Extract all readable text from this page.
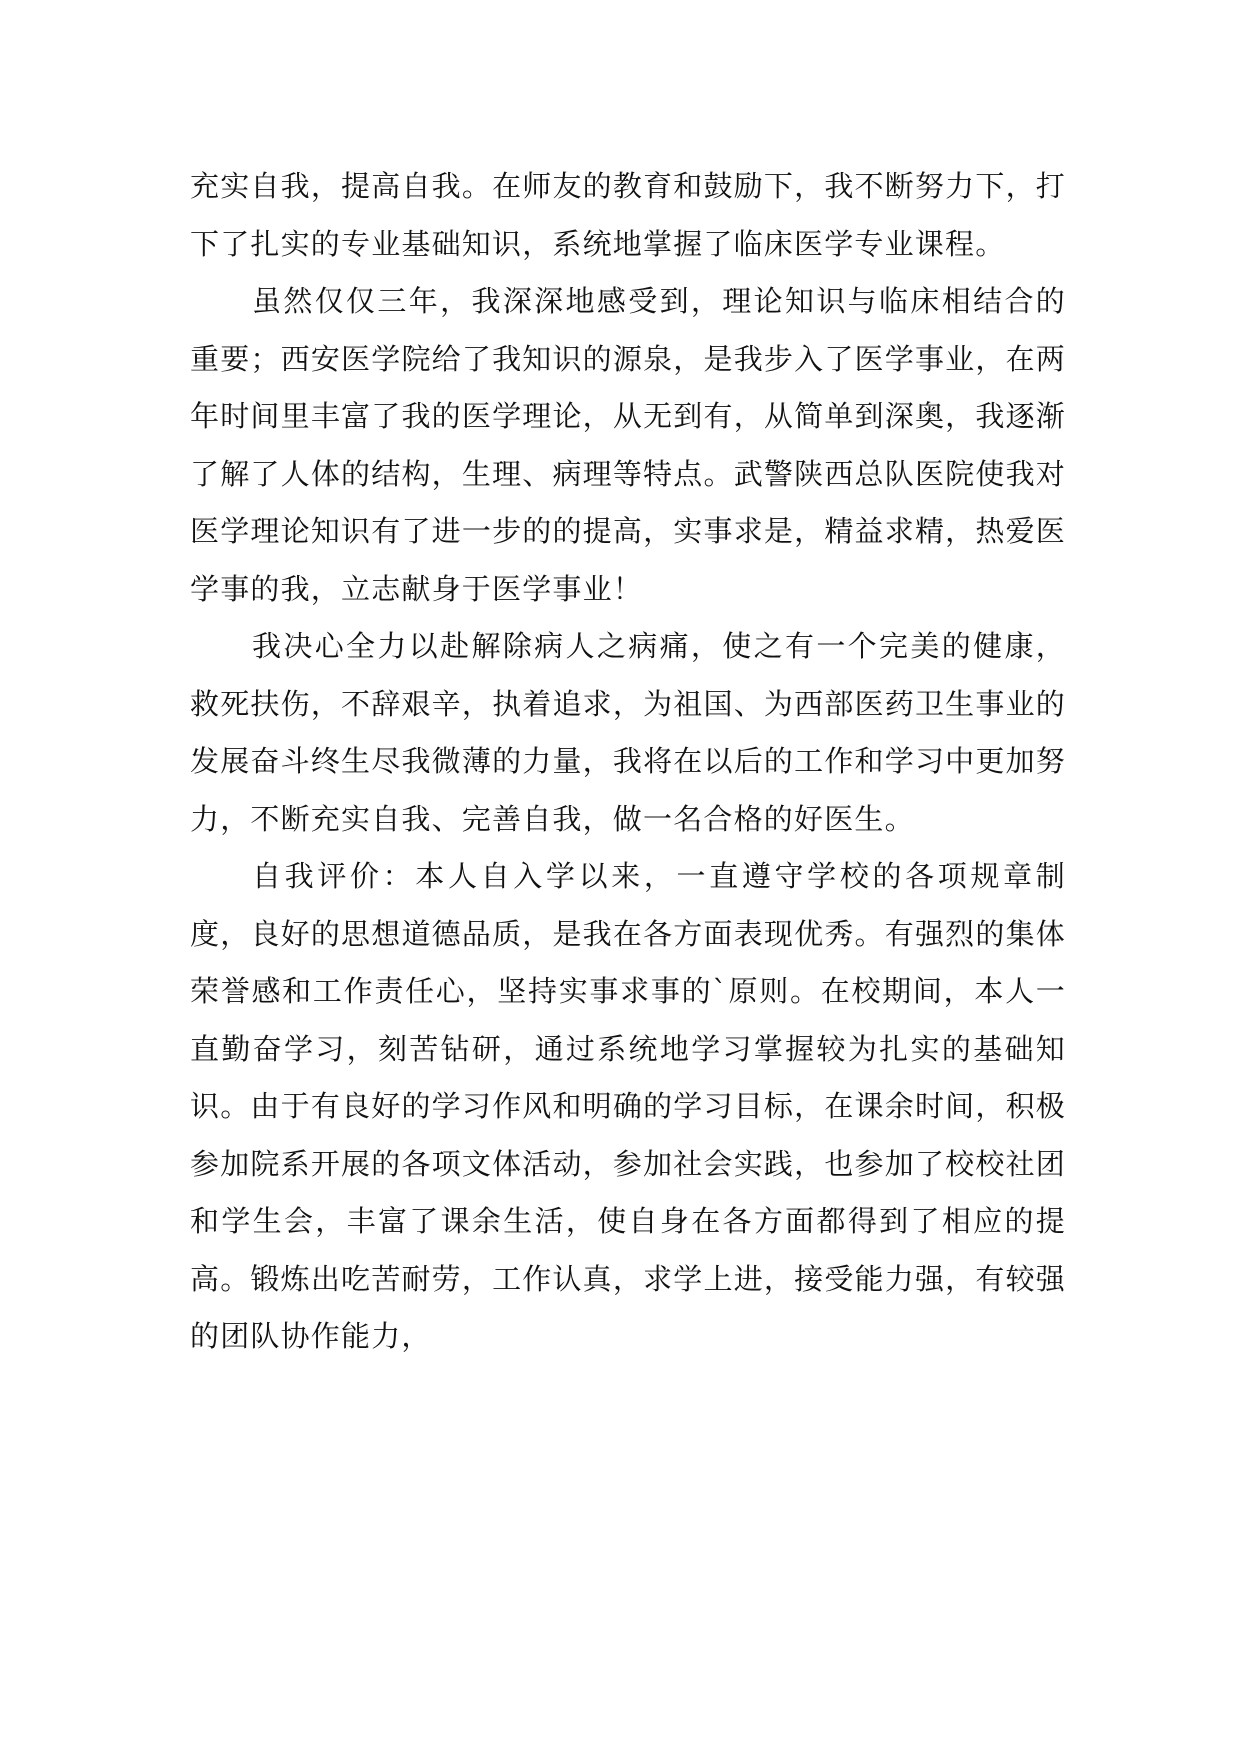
充实自我，提高自我。在师友的教育和鼓励下，我不断努力下，打下了扎实的专业基础知识，系统地掌握了临床医学专业课程。

虽然仅仅三年，我深深地感受到，理论知识与临床相结合的重要；西安医学院给了我知识的源泉，是我步入了医学事业，在两年时间里丰富了我的医学理论，从无到有，从简单到深奥，我逐渐了解了人体的结构，生理、病理等特点。武警陕西总队医院使我对医学理论知识有了进一步的的提高，实事求是，精益求精，热爱医学事的我，立志献身于医学事业！

我决心全力以赴解除病人之病痛，使之有一个完美的健康，救死扶伤，不辞艰辛，执着追求，为祖国、为西部医药卫生事业的发展奋斗终生尽我微薄的力量，我将在以后的工作和学习中更加努力，不断充实自我、完善自我，做一名合格的好医生。

自我评价：本人自入学以来，一直遵守学校的各项规章制度，良好的思想道德品质，是我在各方面表现优秀。有强烈的集体荣誉感和工作责任心，坚持实事求事的`原则。在校期间，本人一直勤奋学习，刻苦钻研，通过系统地学习掌握较为扎实的基础知识。由于有良好的学习作风和明确的学习目标，在课余时间，积极参加院系开展的各项文体活动，参加社会实践，也参加了校校社团和学生会，丰富了课余生活，使自身在各方面都得到了相应的提高。锻炼出吃苦耐劳，工作认真，求学上进，接受能力强，有较强的团队协作能力，
